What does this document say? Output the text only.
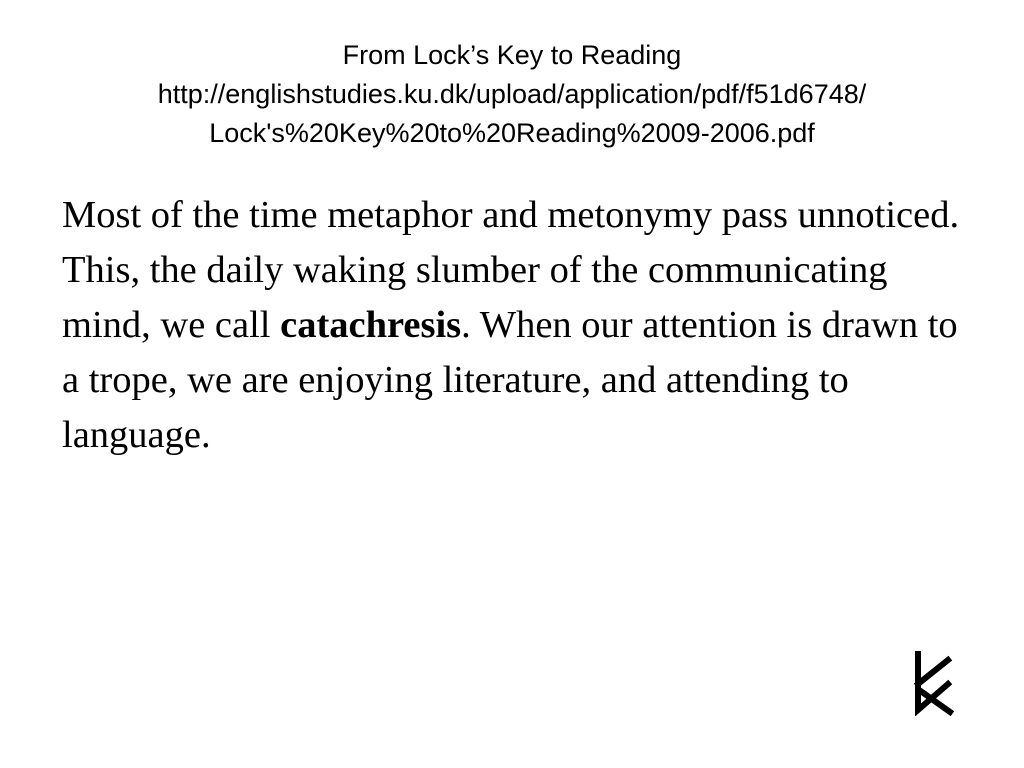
From Lock’s Key to Reading
http://englishstudies.ku.dk/upload/application/pdf/f51d6748/
Lock's%20Key%20to%20Reading%2009-2006.pdf
Most of the time metaphor and metonymy pass unnoticed. This, the daily waking slumber of the communicating mind, we call catachresis. When our attention is drawn to a trope, we are enjoying literature, and attending to language.
